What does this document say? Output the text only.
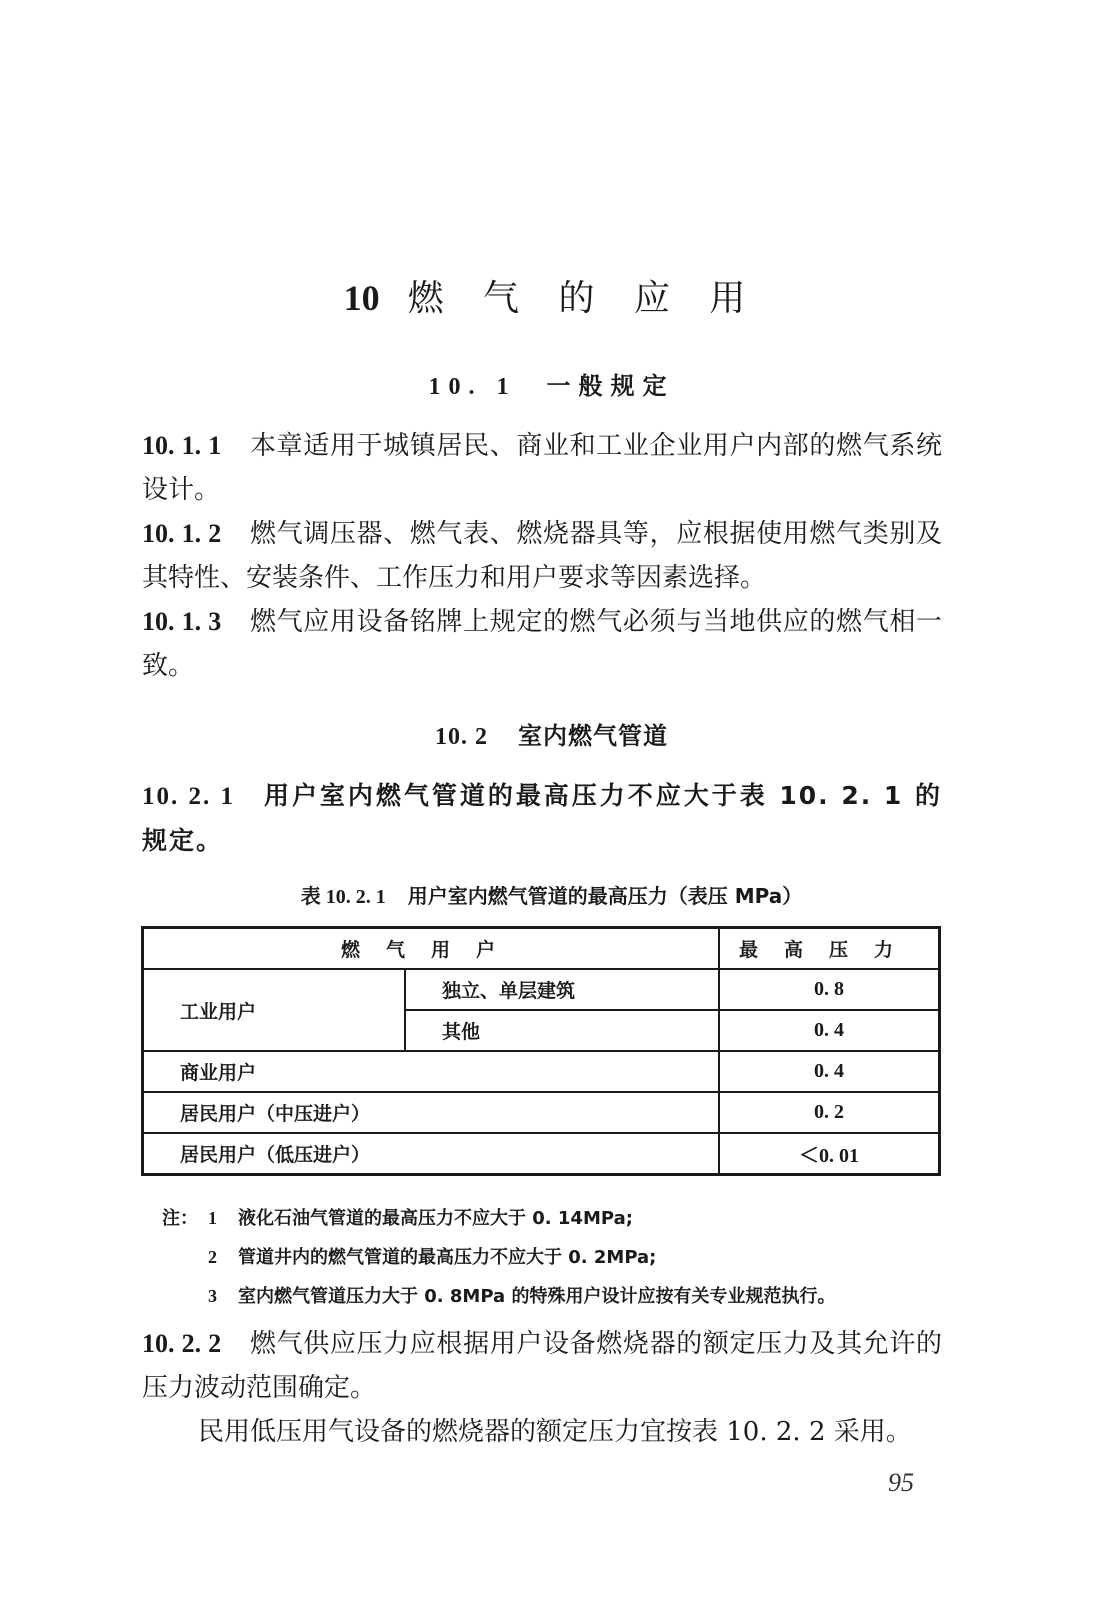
10 燃 气 的 应 用
10. 1 一般规定
10. 1. 1 本章适用于城镇居民、商业和工业企业用户内部的燃气系统设计。
10. 1. 2 燃气调压器、燃气表、燃烧器具等，应根据使用燃气类别及其特性、安装条件、工作压力和用户要求等因素选择。
10. 1. 3 燃气应用设备铭牌上规定的燃气必须与当地供应的燃气相一致。
10. 2 室内燃气管道
10. 2. 1 用户室内燃气管道的最高压力不应大于表 10. 2. 1 的规定。
表 10. 2. 1 用户室内燃气管道的最高压力（表压 MPa）
燃气用户		最高压力
工业用户	独立、单层建筑	0. 8
	其他	0. 4
商业用户		0. 4
居民用户（中压进户）		0. 2
居民用户（低压进户）		＜0. 01
注： 1 液化石油气管道的最高压力不应大于 0. 14MPa;
2 管道井内的燃气管道的最高压力不应大于 0. 2MPa;
3 室内燃气管道压力大于 0. 8MPa 的特殊用户设计应按有关专业规范执行。
10. 2. 2 燃气供应压力应根据用户设备燃烧器的额定压力及其允许的压力波动范围确定。
民用低压用气设备的燃烧器的额定压力宜按表 10. 2. 2 采用。
95
